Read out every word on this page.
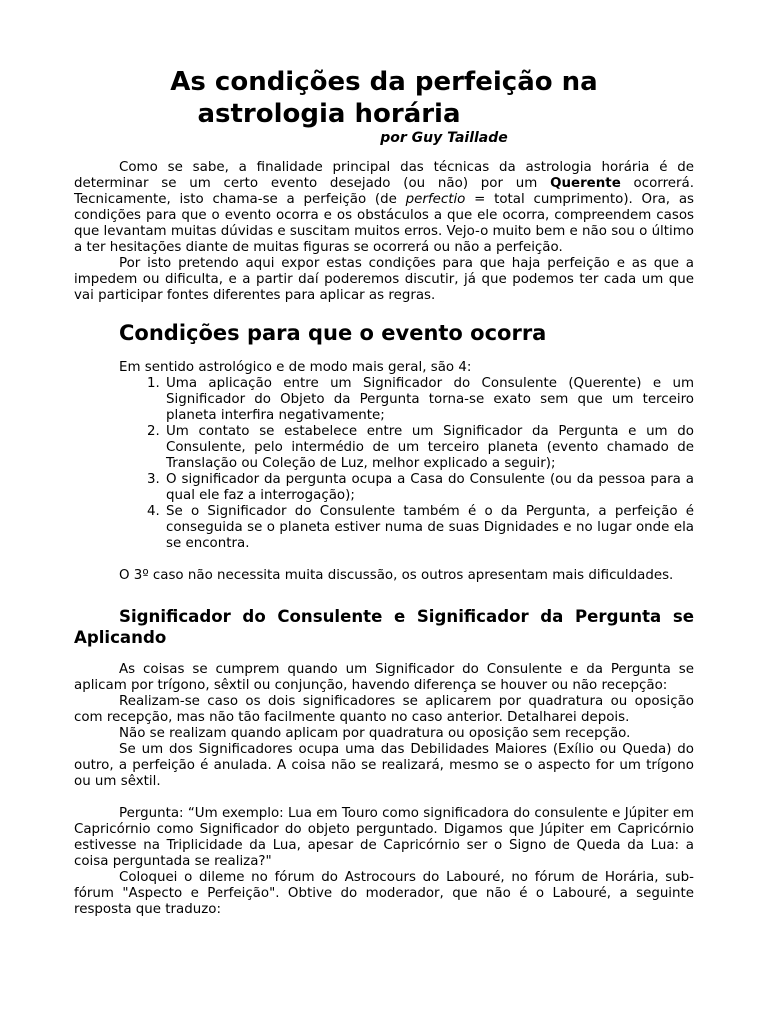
As condições da perfeição na

astrologia horária
por Guy Taillade

Como se sabe, a finalidade principal das técnicas da astrologia horária é de determinar se um certo evento desejado (ou não) por um Querente ocorrerá. Tecnicamente, isto chama-se a perfeição (de perfectio = total cumprimento). Ora, as condições para que o evento ocorra e os obstáculos a que ele ocorra, compreendem casos que levantam muitas dúvidas e suscitam muitos erros. Vejo-o muito bem e não sou o último a ter hesitações diante de muitas figuras se ocorrerá ou não a perfeição.

Por isto pretendo aqui expor estas condições para que haja perfeição e as que a impedem ou dificulta, e a partir daí poderemos discutir, já que podemos ter cada um que vai participar fontes diferentes para aplicar as regras.

Condições para que o evento ocorra

Em sentido astrológico e de modo mais geral, são 4:

1. Uma aplicação entre um Significador do Consulente (Querente) e um Significador do Objeto da Pergunta torna-se exato sem que um terceiro planeta interfira negativamente;
2. Um contato se estabelece entre um Significador da Pergunta e um do Consulente, pelo intermédio de um terceiro planeta (evento chamado de Translação ou Coleção de Luz, melhor explicado a seguir);
3. O significador da pergunta ocupa a Casa do Consulente (ou da pessoa para a qual ele faz a interrogação);
4. Se o Significador do Consulente também é o da Pergunta, a perfeição é conseguida se o planeta estiver numa de suas Dignidades e no lugar onde ela se encontra.

O 3º caso não necessita muita discussão, os outros apresentam mais dificuldades.

Significador do Consulente e Significador da Pergunta se Aplicando

As coisas se cumprem quando um Significador do Consulente e da Pergunta se aplicam por trígono, sêxtil ou conjunção, havendo diferença se houver ou não recepção:

Realizam-se caso os dois significadores se aplicarem por quadratura ou oposição com recepção, mas não tão facilmente quanto no caso anterior. Detalharei depois.

Não se realizam quando aplicam por quadratura ou oposição sem recepção.

Se um dos Significadores ocupa uma das Debilidades Maiores (Exílio ou Queda) do outro, a perfeição é anulada. A coisa não se realizará, mesmo se o aspecto for um trígono ou um sêxtil.

Pergunta: “Um exemplo: Lua em Touro como significadora do consulente e Júpiter em Capricórnio como Significador do objeto perguntado. Digamos que Júpiter em Capricórnio estivesse na Triplicidade da Lua, apesar de Capricórnio ser o Signo de Queda da Lua: a coisa perguntada se realiza?"

Coloquei o dileme no fórum do Astrocours do Labouré, no fórum de Horária, sub-fórum "Aspecto e Perfeição". Obtive do moderador, que não é o Labouré, a seguinte resposta que traduzo:
